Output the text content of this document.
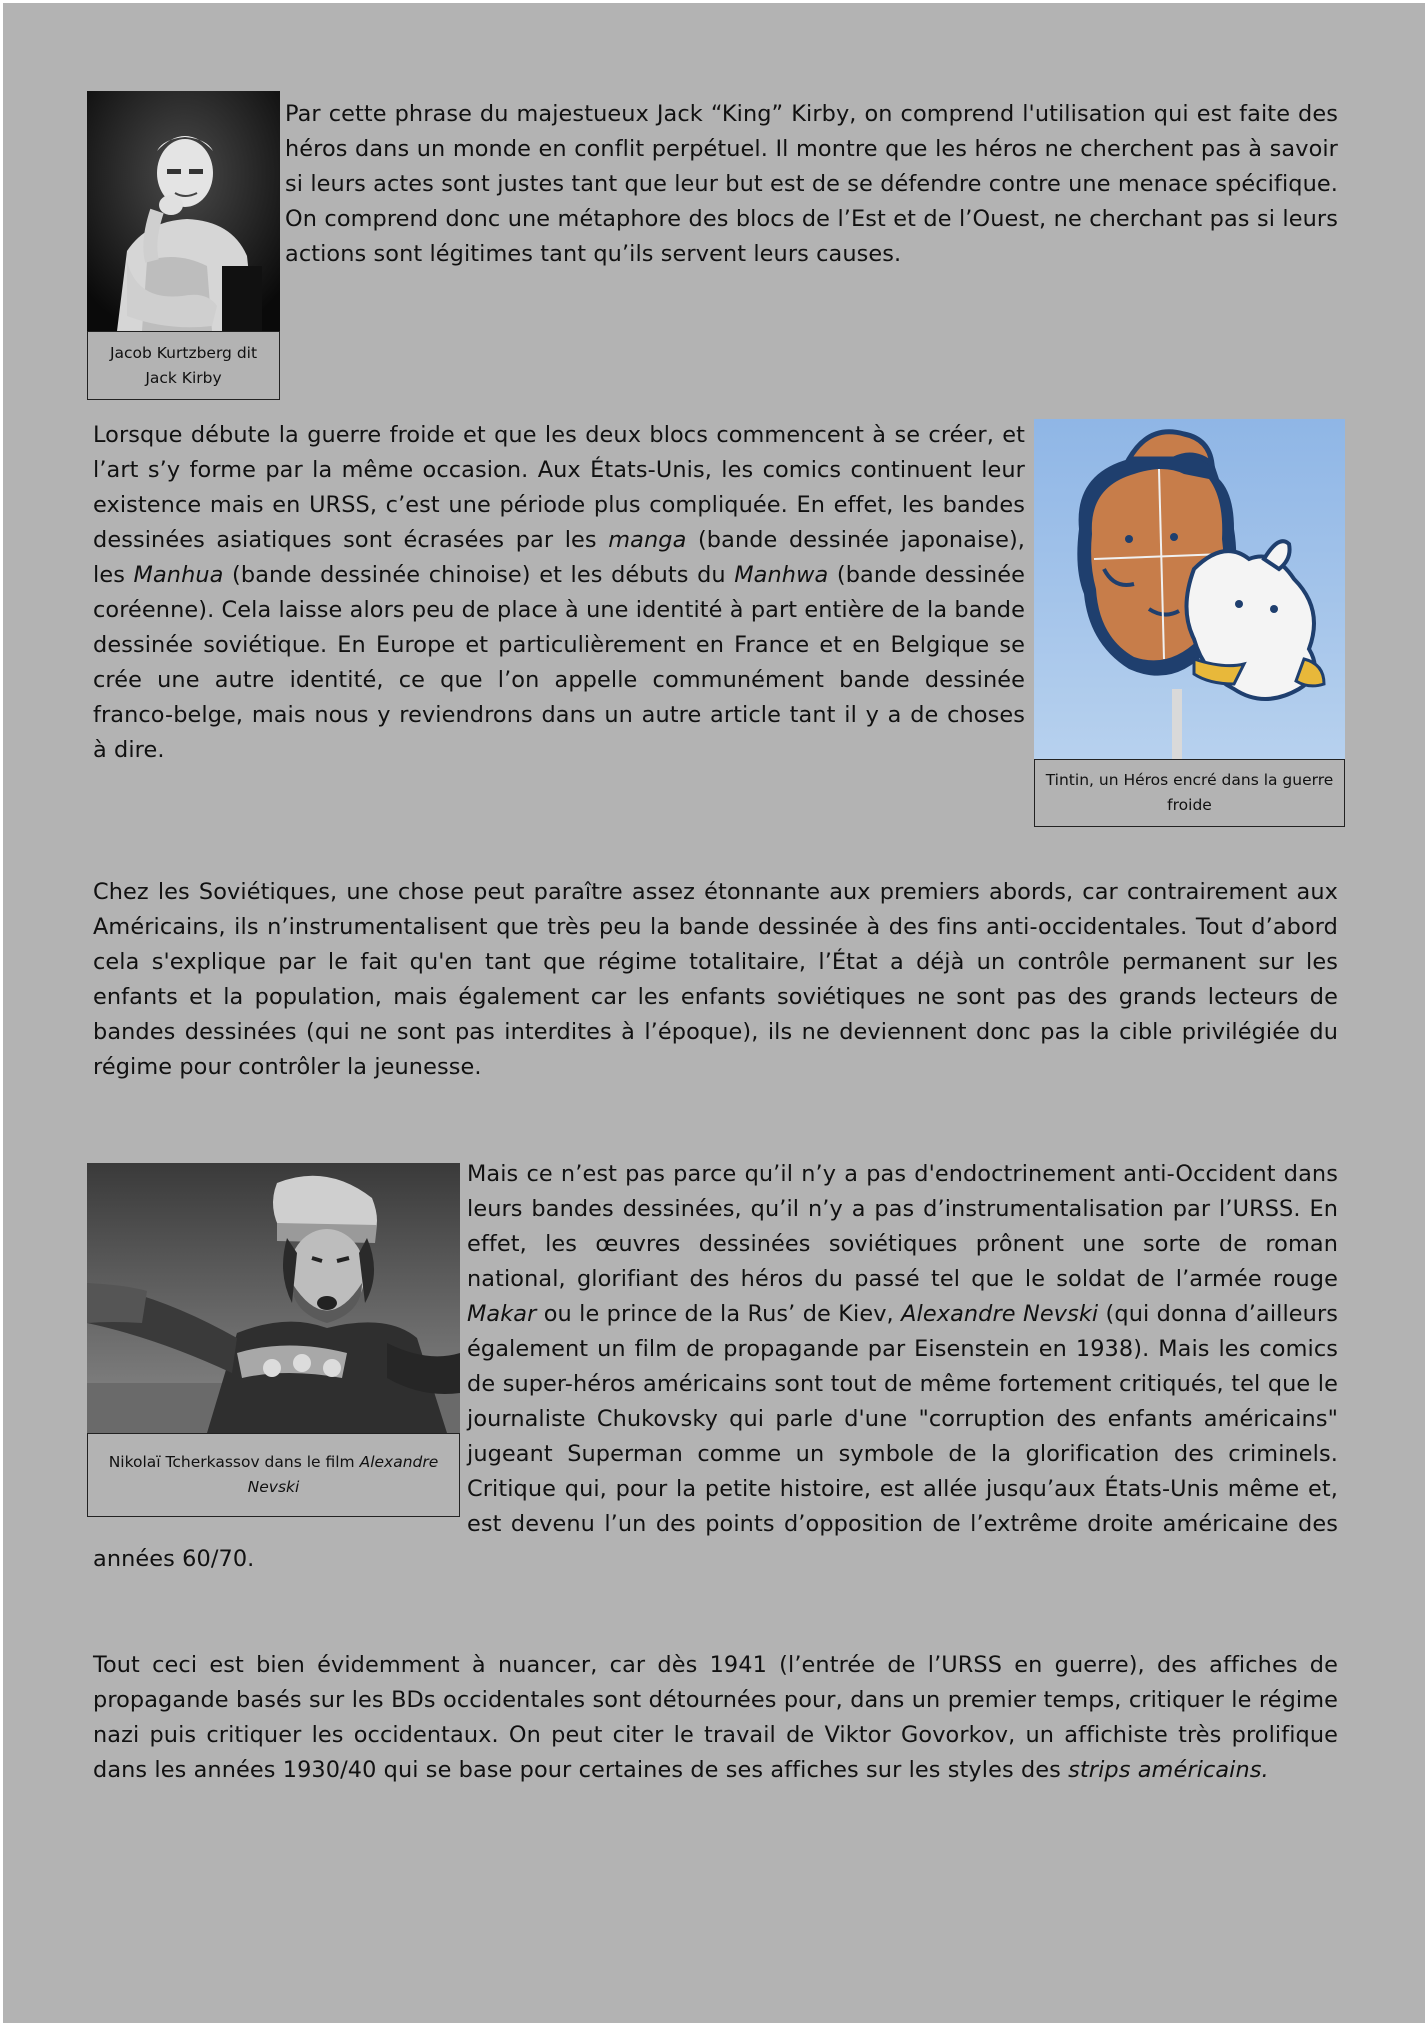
Jacob Kurtzberg dit
Jack Kirby

Par cette phrase du majestueux Jack “King” Kirby, on comprend l'utilisation qui est faite des héros dans un monde en conflit perpétuel. Il montre que les héros ne cherchent pas à savoir si leurs actes sont justes tant que leur but est de se défendre contre une menace spécifique. On comprend donc une métaphore des blocs de l’Est et de l’Ouest, ne cherchant pas si leurs actions sont légitimes tant qu’ils servent leurs causes.

Tintin, un Héros encré dans la guerre froide

Lorsque débute la guerre froide et que les deux blocs commencent à se créer, et l’art s’y forme par la même occasion. Aux États-Unis, les comics continuent leur existence mais en URSS, c’est une période plus compliquée. En effet, les bandes dessinées asiatiques sont écrasées par les manga (bande dessinée japonaise), les Manhua (bande dessinée chinoise) et les débuts du Manhwa (bande dessinée coréenne). Cela laisse alors peu de place à une identité à part entière de la bande dessinée soviétique. En Europe et particulièrement en France et en Belgique se crée une autre identité, ce que l’on appelle communément bande dessinée franco-belge, mais nous y reviendrons dans un autre article tant il y a de choses à dire.

Chez les Soviétiques, une chose peut paraître assez étonnante aux premiers abords, car contrairement aux Américains, ils n’instrumentalisent que très peu la bande dessinée à des fins anti-occidentales. Tout d’abord cela s'explique par le fait qu'en tant que régime totalitaire, l’État a déjà un contrôle permanent sur les enfants et la population, mais également car les enfants soviétiques ne sont pas des grands lecteurs de bandes dessinées (qui ne sont pas interdites à l’époque), ils ne deviennent donc pas la cible privilégiée du régime pour contrôler la jeunesse.

Nikolaï Tcherkassov dans le film Alexandre Nevski

Mais ce n’est pas parce qu’il n’y a pas d'endoctrinement anti-Occident dans leurs bandes dessinées, qu’il n’y a pas d’instrumentalisation par l’URSS. En effet, les œuvres dessinées soviétiques prônent une sorte de roman national, glorifiant des héros du passé tel que le soldat de l’armée rouge Makar ou le prince de la Rus’ de Kiev, Alexandre Nevski (qui donna d’ailleurs également un film de propagande par Eisenstein en 1938). Mais les comics de super-héros américains sont tout de même fortement critiqués, tel que le journaliste Chukovsky qui parle d'une "corruption des enfants américains" jugeant Superman comme un symbole de la glorification des criminels. Critique qui, pour la petite histoire, est allée jusqu’aux États-Unis même et, est devenu l’un des points d’opposition de l’extrême droite américaine des années 60/70.

Tout ceci est bien évidemment à nuancer, car dès 1941 (l’entrée de l’URSS en guerre), des affiches de propagande basés sur les BDs occidentales sont détournées pour, dans un premier temps, critiquer le régime nazi puis critiquer les occidentaux. On peut citer le travail de Viktor Govorkov, un affichiste très prolifique dans les années 1930/40 qui se base pour certaines de ses affiches sur les styles des strips américains.
